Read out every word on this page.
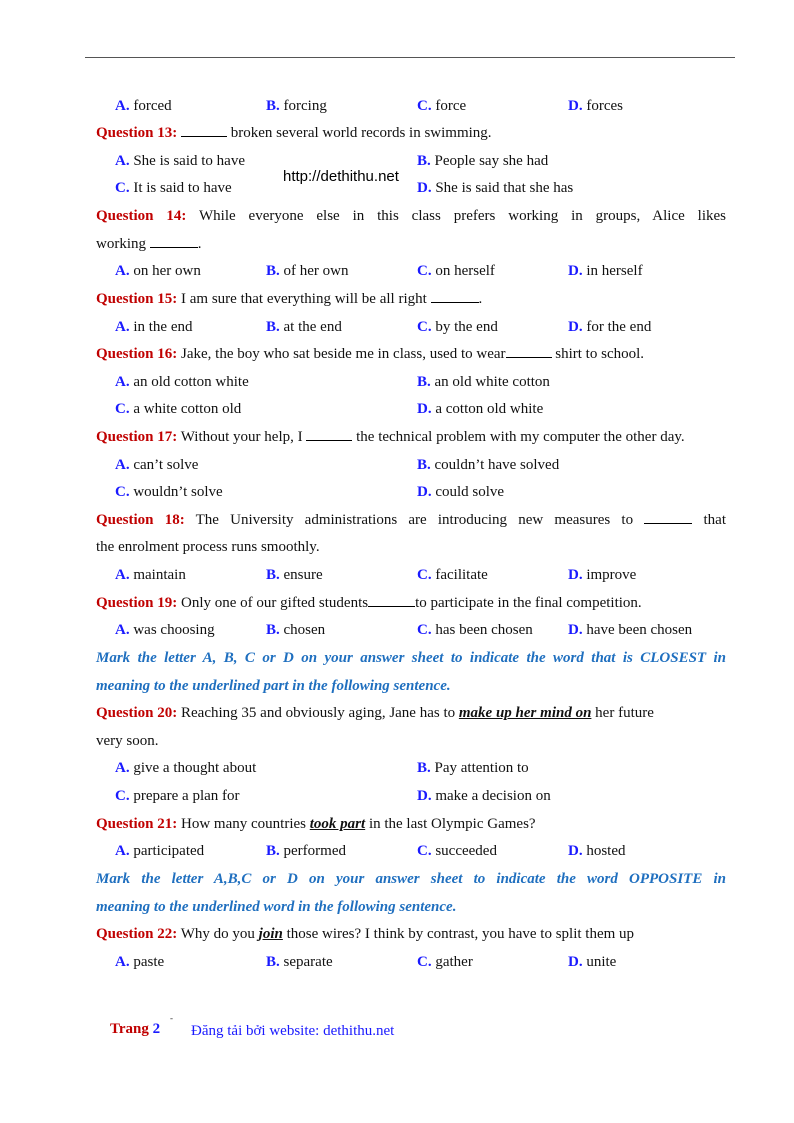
A. forced	B. forcing	C. force	D. forces
Question 13:	broken several world records in swimming.
A. She is said to have	B. People say she had
C. It is said to have	D. She is said that she has
http://dethithu.net
Question 14: While everyone else in this class prefers working in groups, Alice likes
working	.
A. on her own	B. of her own	C. on herself	D. in herself
Question 15: I am sure that everything will be all right	.
A. in the end	B. at the end	C. by the end	D. for the end
Question 16: Jake, the boy who sat beside me in class, used to wear	shirt to school.
A. an old cotton white	B. an old white cotton
C. a white cotton old	D. a cotton old white
Question 17: Without your help, I	the technical problem with my computer the other day.
A. can’t solve	B. couldn’t have solved
C. wouldn’t solve	D. could solve
Question 18: The University administrations are introducing new measures to	that
the enrolment process runs smoothly.
A. maintain	B. ensure	C. facilitate	D. improve
Question 19: Only one of our gifted students	to participate in the final competition.
A. was choosing	B. chosen	C. has been chosen D. have been chosen
Mark the letter A, B, C or D on your answer sheet to indicate the word that is CLOSEST in
meaning to the underlined part in the following sentence.
Question 20: Reaching 35 and obviously aging, Jane has to make up her mind on her future
very soon.
A. give a thought about	B. Pay attention to
C. prepare a plan for	D. make a decision on
Question 21: How many countries took part in the last Olympic Games?
A. participated	B. performed	C. succeeded	D. hosted
Mark the letter A,B,C or D on your answer sheet to indicate the word OPPOSITE in
meaning to the underlined word in the following sentence.
Question 22: Why do you join those wires? I think by contrast, you have to split them up
A. paste	B. separate	C. gather	D. unite
Trang 2
-
Đăng tải bởi website: dethithu.net
